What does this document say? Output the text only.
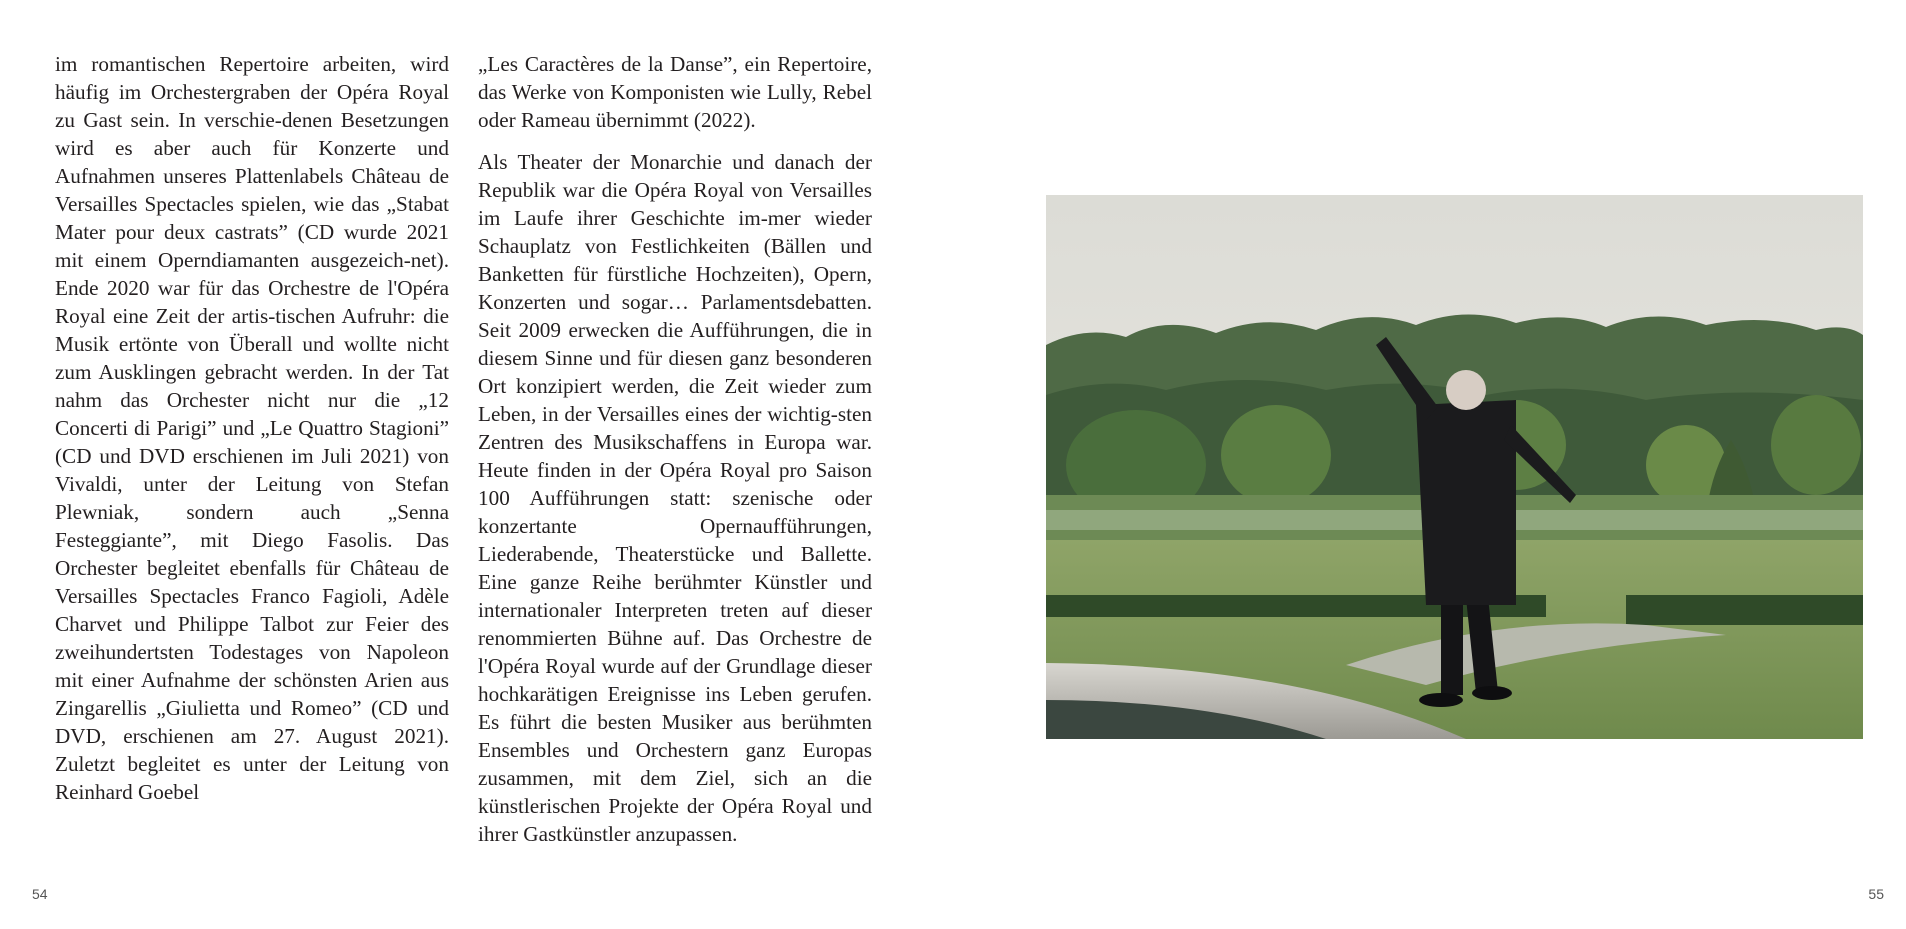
im romantischen Repertoire arbeiten, wird häufig im Orchestergraben der Opéra Royal zu Gast sein. In verschie-denen Besetzungen wird es aber auch für Konzerte und Aufnahmen unseres Plattenlabels Château de Versailles Spectacles spielen, wie das „Stabat Mater pour deux castrats” (CD wurde 2021 mit einem Operndiamanten ausgezeich-net). Ende 2020 war für das Orchestre de l'Opéra Royal eine Zeit der artis-tischen Aufruhr: die Musik ertönte von Überall und wollte nicht zum Ausklingen gebracht werden. In der Tat nahm das Orchester nicht nur die „12 Concerti di Parigi” und „Le Quattro Stagioni” (CD und DVD erschienen im Juli 2021) von Vivaldi, unter der Leitung von Stefan Plewniak, sondern auch „Senna Festeggiante”, mit Diego Fasolis. Das Orchester begleitet ebenfalls für Château de Versailles Spectacles Franco Fagioli, Adèle Charvet und Philippe Talbot zur Feier des zweihundertsten Todestages von Napoleon mit einer Aufnahme der schönsten Arien aus Zingarellis „Giulietta und Romeo” (CD und DVD, erschienen am 27. August 2021). Zuletzt begleitet es unter der Leitung von Reinhard Goebel

„Les Caractères de la Danse”, ein Repertoire, das Werke von Komponisten wie Lully, Rebel oder Rameau übernimmt (2022).

Als Theater der Monarchie und danach der Republik war die Opéra Royal von Versailles im Laufe ihrer Geschichte im-mer wieder Schauplatz von Festlichkeiten (Bällen und Banketten für fürstliche Hochzeiten), Opern, Konzerten und sogar… Parlamentsdebatten. Seit 2009 erwecken die Aufführungen, die in diesem Sinne und für diesen ganz besonderen Ort konzipiert werden, die Zeit wieder zum Leben, in der Versailles eines der wichtig-sten Zentren des Musikschaffens in Europa war. Heute finden in der Opéra Royal pro Saison 100 Aufführungen statt: szenische oder konzertante Opernaufführungen, Liederabende, Theaterstücke und Ballette. Eine ganze Reihe berühmter Künstler und internationaler Interpreten treten auf dieser renommierten Bühne auf. Das Orchestre de l'Opéra Royal wurde auf der Grundlage dieser hochkarätigen Ereignisse ins Leben gerufen. Es führt die besten Musiker aus berühmten Ensembles und Orchestern ganz Europas zusammen, mit dem Ziel, sich an die künstlerischen Projekte der Opéra Royal und ihrer Gastkünstler anzupassen.

54	55
